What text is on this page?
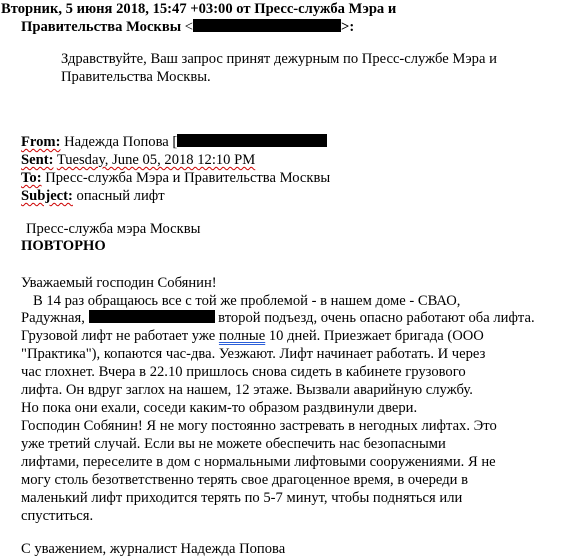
Вторник, 5 июня 2018, 15:47 +03:00 от Пресс-служба Мэра и
Правительства Москвы <	>:
Здравствуйте, Ваш запрос принят дежурным по Пресс-службе Мэра и
Правительства Москвы.
From: Надежда Попова [
Sent: Tuesday, June 05, 2018 12:10 PM
To: Пресс-служба Мэра и Правительства Москвы
Subject: опасный лифт
Пресс-служба мэра Москвы
ПОВТОРНО
Уважаемый господин Собянин!
В 14 раз обращаюсь все с той же проблемой - в нашем доме - СВАО,
Радужная,	второй подъезд, очень опасно работают оба лифта.
Грузовой лифт не работает уже полные 10 дней. Приезжает бригада (ООО
"Практика"), копаются час-два. Уезжают. Лифт начинает работать. И через
час глохнет. Вчера в 22.10 пришлось снова сидеть в кабинете грузового
лифта. Он вдруг заглох на нашем, 12 этаже. Вызвали аварийную службу.
Но пока они ехали, соседи каким-то образом раздвинули двери.
Господин Собянин! Я не могу постоянно застревать в негодных лифтах. Это
уже третий случай. Если вы не можете обеспечить нас безопасными
лифтами, переселите в дом с нормальными лифтовыми сооружениями. Я не
могу столь безответственно терять свое драгоценное время, в очереди в
маленький лифт приходится терять по 5-7 минут, чтобы подняться или
спуститься.
С уважением, журналист Надежда Попова
